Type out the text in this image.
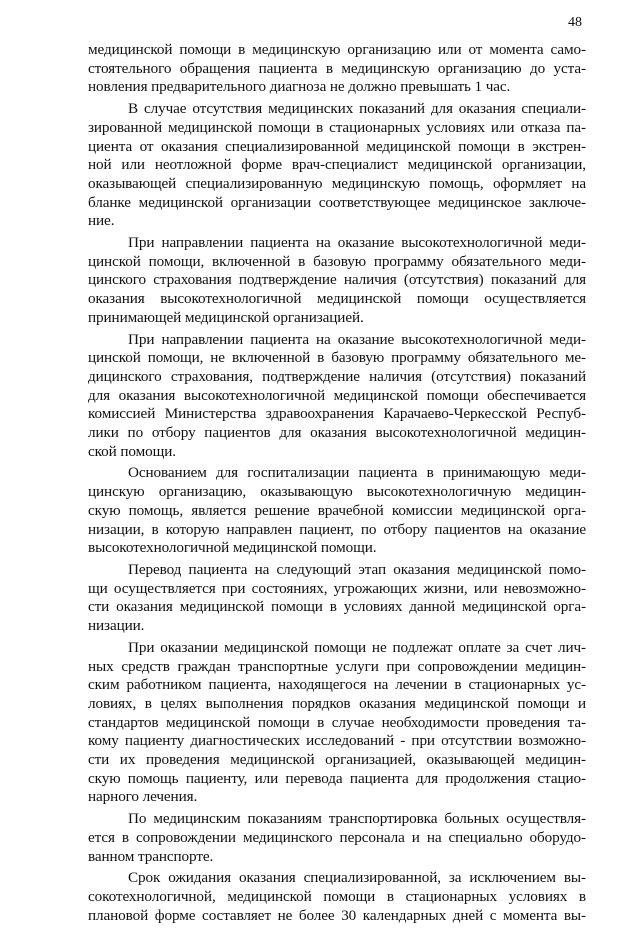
48

медицинской помощи в медицинскую организацию или от момента само-
стоятельного обращения пациента в медицинскую организацию до уста-
новления предварительного диагноза не должно превышать 1 час.

В случае отсутствия медицинских показаний для оказания специали-
зированной медицинской помощи в стационарных условиях или отказа па-
циента от оказания специализированной медицинской помощи в экстрен-
ной или неотложной форме врач-специалист медицинской организации,
оказывающей специализированную медицинскую помощь, оформляет на
бланке медицинской организации соответствующее медицинское заключе-
ние.

При направлении пациента на оказание высокотехнологичной меди-
цинской помощи, включенной в базовую программу обязательного меди-
цинского страхования подтверждение наличия (отсутствия) показаний для
оказания высокотехнологичной медицинской помощи осуществляется
принимающей медицинской организацией.

При направлении пациента на оказание высокотехнологичной меди-
цинской помощи, не включенной в базовую программу обязательного ме-
дицинского страхования, подтверждение наличия (отсутствия) показаний
для оказания высокотехнологичной медицинской помощи обеспечивается
комиссией Министерства здравоохранения Карачаево-Черкесской Респуб-
лики по отбору пациентов для оказания высокотехнологичной медицин-
ской помощи.

Основанием для госпитализации пациента в принимающую меди-
цинскую организацию, оказывающую высокотехнологичную медицин-
скую помощь, является решение врачебной комиссии медицинской орга-
низации, в которую направлен пациент, по отбору пациентов на оказание
высокотехнологичной медицинской помощи.

Перевод пациента на следующий этап оказания медицинской помо-
щи осуществляется при состояниях, угрожающих жизни, или невозможно-
сти оказания медицинской помощи в условиях данной медицинской орга-
низации.

При оказании медицинской помощи не подлежат оплате за счет лич-
ных средств граждан транспортные услуги при сопровождении медицин-
ским работником пациента, находящегося на лечении в стационарных ус-
ловиях, в целях выполнения порядков оказания медицинской помощи и
стандартов медицинской помощи в случае необходимости проведения та-
кому пациенту диагностических исследований - при отсутствии возможно-
сти их проведения медицинской организацией, оказывающей медицин-
скую помощь пациенту, или перевода пациента для продолжения стацио-
нарного лечения.

По медицинским показаниям транспортировка больных осуществля-
ется в сопровождении медицинского персонала и на специально оборудо-
ванном транспорте.

Срок ожидания оказания специализированной, за исключением вы-
сокотехнологичной, медицинской помощи в стационарных условиях в
плановой форме составляет не более 30 календарных дней с момента вы-
